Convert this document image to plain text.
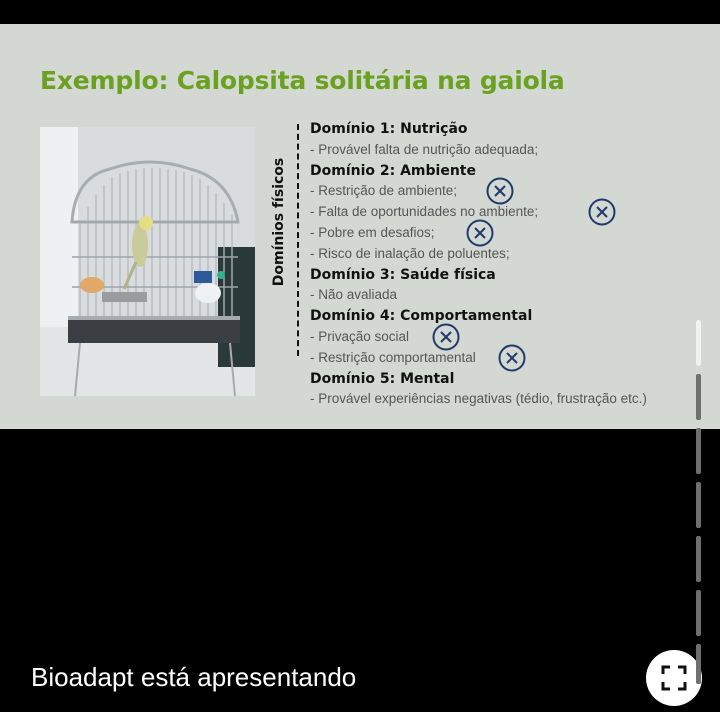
Exemplo: Calopsita solitária na gaiola
Domínios físicos
Domínio 1: Nutrição
- Provável falta de nutrição adequada;
Domínio 2: Ambiente
- Restrição de ambiente;
- Falta de oportunidades no ambiente;
- Pobre em desafios;
- Risco de inalação de poluentes;
Domínio 3: Saúde física
- Não avaliada
Domínio 4: Comportamental
- Privação social
- Restrição comportamental
Domínio 5: Mental
- Provável experiências negativas (tédio, frustração etc.)
Bioadapt está apresentando
